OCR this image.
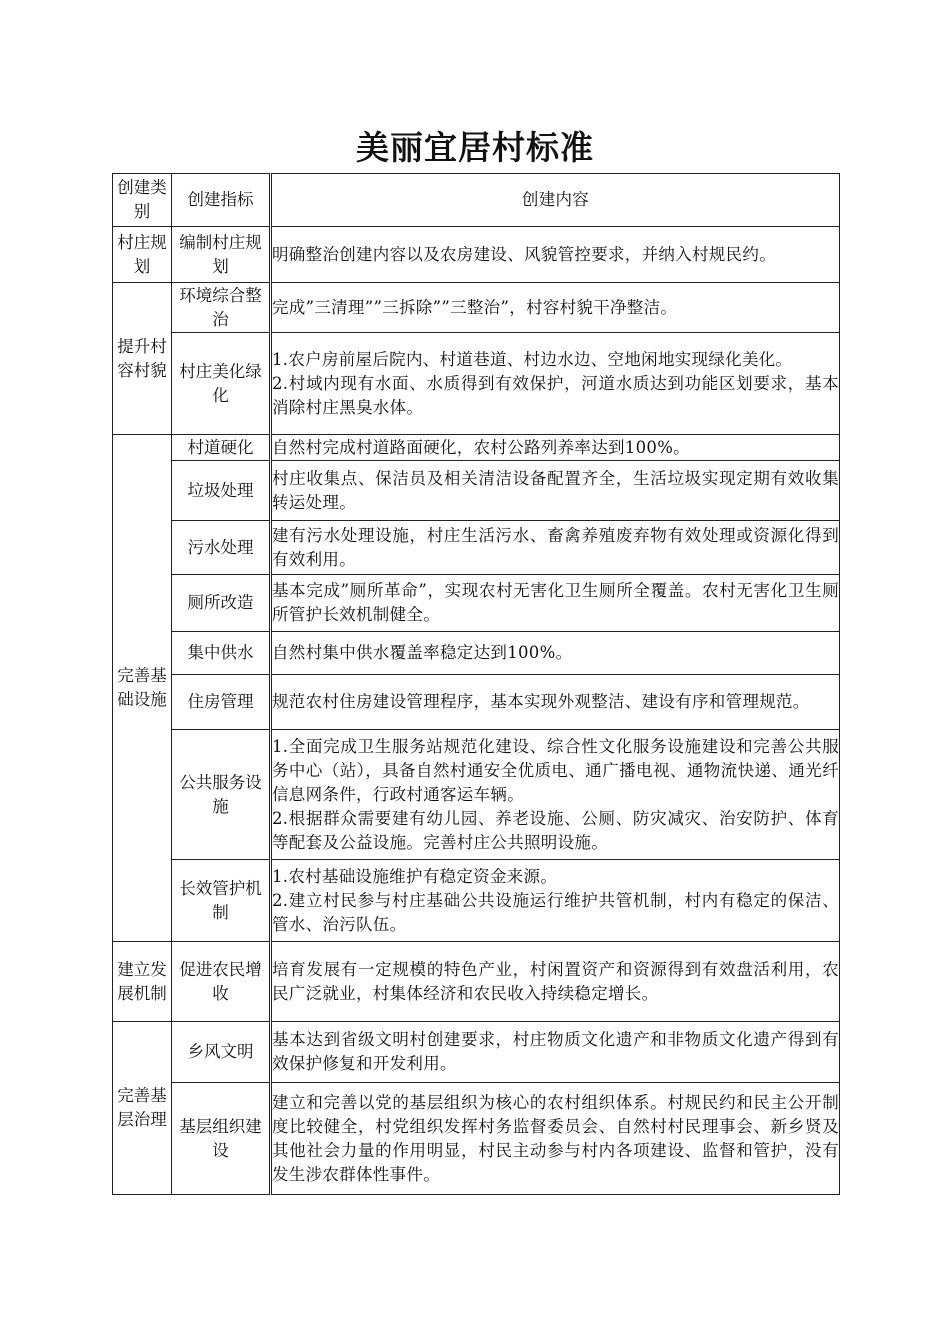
美丽宜居村标准
创建类别	创建指标	创建内容
村庄规划	编制村庄规划	明确整治创建内容以及农房建设、风貌管控要求，并纳入村规民约。

提升村容村貌	环境综合整治	完成”三清理””三拆除””三整治”，村容村貌干净整洁。

	村庄美化绿化	1.农户房前屋后院内、村道巷道、村边水边、空地闲地实现绿化美化。

2.村域内现有水面、水质得到有效保护，河道水质达到功能区划要求，基本消除村庄黑臭水体。

完善基础设施	村道硬化	自然村完成村道路面硬化，农村公路列养率达到100%。

	垃圾处理	村庄收集点、保洁员及相关清洁设备配置齐全，生活垃圾实现定期有效收集转运处理。

	污水处理	建有污水处理设施，村庄生活污水、畜禽养殖废弃物有效处理或资源化得到有效利用。

	厕所改造	基本完成”厕所革命”，实现农村无害化卫生厕所全覆盖。农村无害化卫生厕所管护长效机制健全。

	集中供水	自然村集中供水覆盖率稳定达到100%。

	住房管理	规范农村住房建设管理程序，基本实现外观整洁、建设有序和管理规范。

	公共服务设施	1.全面完成卫生服务站规范化建设、综合性文化服务设施建设和完善公共服务中心（站），具备自然村通安全优质电、通广播电视、通物流快递、通光纤信息网条件，行政村通客运车辆。

2.根据群众需要建有幼儿园、养老设施、公厕、防灾减灾、治安防护、体育等配套及公益设施。完善村庄公共照明设施。

	长效管护机制	1.农村基础设施维护有稳定资金来源。

2.建立村民参与村庄基础公共设施运行维护共管机制，村内有稳定的保洁、管水、治污队伍。

建立发展机制	促进农民增收	培育发展有一定规模的特色产业，村闲置资产和资源得到有效盘活利用，农民广泛就业，村集体经济和农民收入持续稳定增长。

完善基层治理	乡风文明	基本达到省级文明村创建要求，村庄物质文化遗产和非物质文化遗产得到有效保护修复和开发利用。

	基层组织建设	建立和完善以党的基层组织为核心的农村组织体系。村规民约和民主公开制度比较健全，村党组织发挥村务监督委员会、自然村村民理事会、新乡贤及其他社会力量的作用明显，村民主动参与村内各项建设、监督和管护，没有发生涉农群体性事件。
